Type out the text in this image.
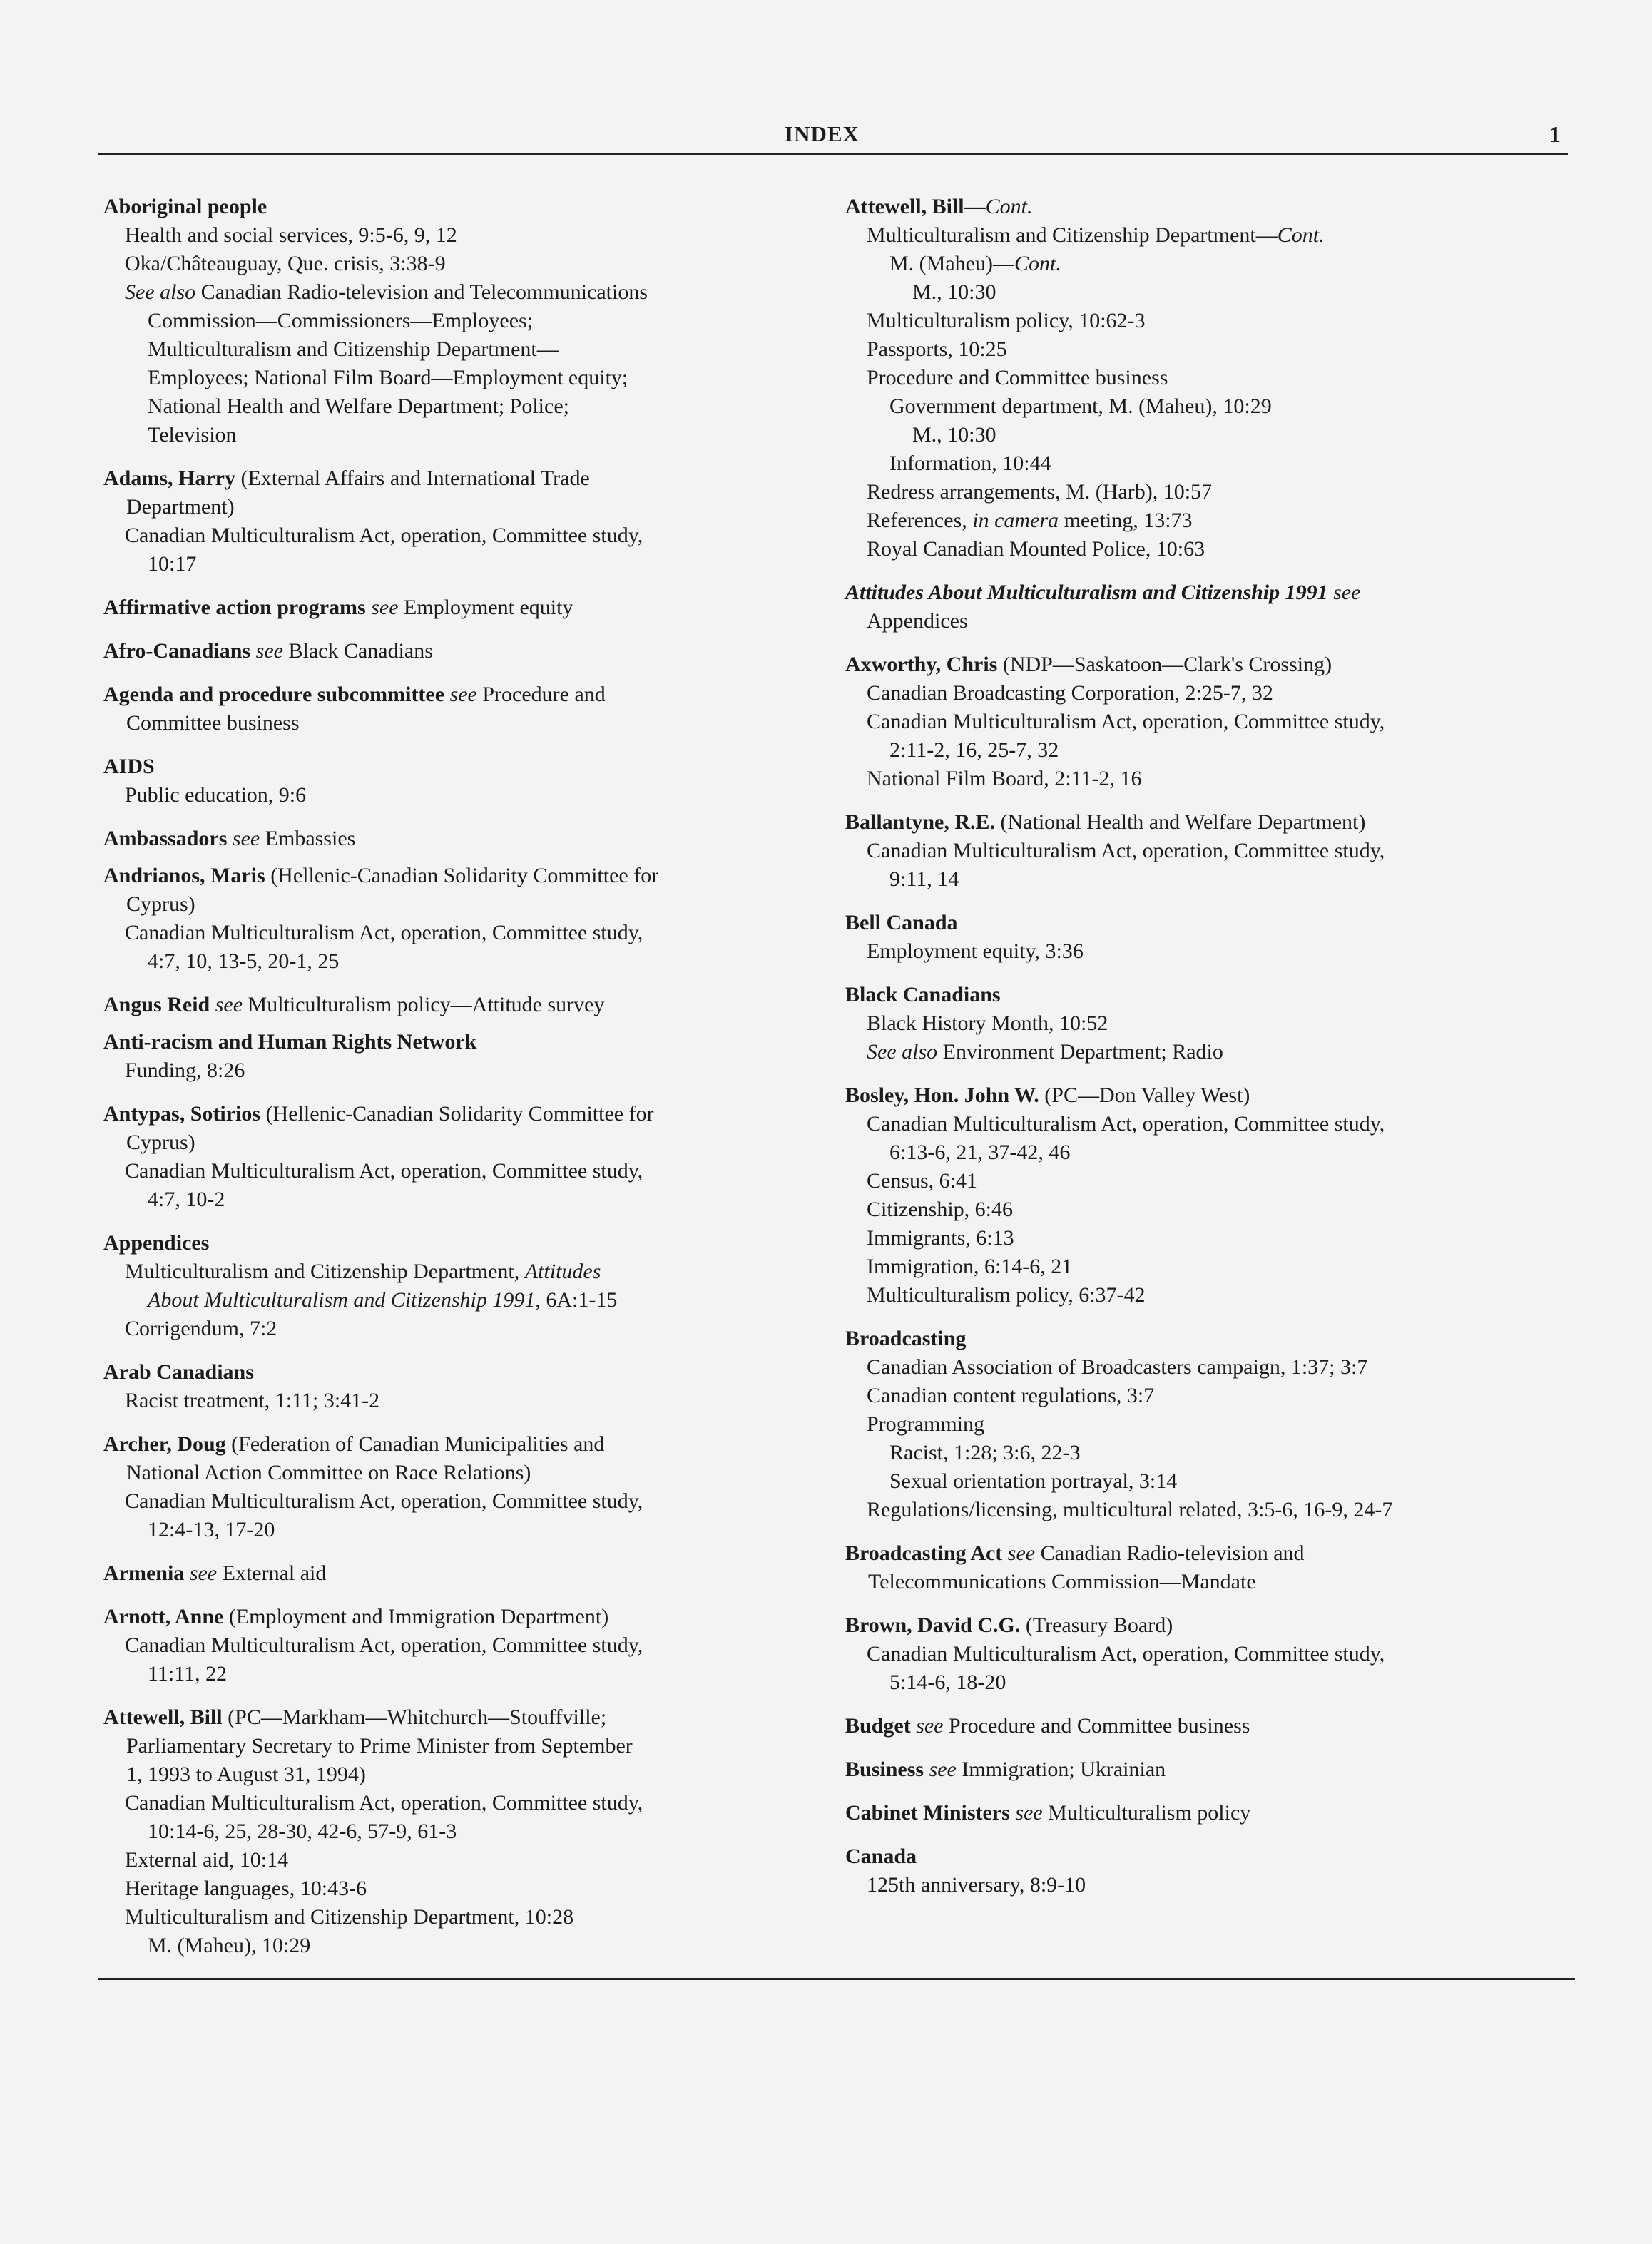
INDEX	1
Aboriginal people
Health and social services, 9:5-6, 9, 12
Oka/Châteauguay, Que. crisis, 3:38-9
See also Canadian Radio-television and Telecommunications
Commission—Commissioners—Employees;
Multiculturalism and Citizenship Department—
Employees; National Film Board—Employment equity;
National Health and Welfare Department; Police;
Television
Adams, Harry (External Affairs and International Trade
Department)
Canadian Multiculturalism Act, operation, Committee study,
10:17
Affirmative action programs see Employment equity
Afro-Canadians see Black Canadians
Agenda and procedure subcommittee see Procedure and
Committee business
AIDS
Public education, 9:6
Ambassadors see Embassies
Andrianos, Maris (Hellenic-Canadian Solidarity Committee for
Cyprus)
Canadian Multiculturalism Act, operation, Committee study,
4:7, 10, 13-5, 20-1, 25
Angus Reid see Multiculturalism policy—Attitude survey
Anti-racism and Human Rights Network
Funding, 8:26
Antypas, Sotirios (Hellenic-Canadian Solidarity Committee for
Cyprus)
Canadian Multiculturalism Act, operation, Committee study,
4:7, 10-2
Appendices
Multiculturalism and Citizenship Department, Attitudes
About Multiculturalism and Citizenship 1991, 6A:1-15
Corrigendum, 7:2
Arab Canadians
Racist treatment, 1:11; 3:41-2
Archer, Doug (Federation of Canadian Municipalities and
National Action Committee on Race Relations)
Canadian Multiculturalism Act, operation, Committee study,
12:4-13, 17-20
Armenia see External aid
Arnott, Anne (Employment and Immigration Department)
Canadian Multiculturalism Act, operation, Committee study,
11:11, 22
Attewell, Bill (PC—Markham—Whitchurch—Stouffville;
Parliamentary Secretary to Prime Minister from September
1, 1993 to August 31, 1994)
Canadian Multiculturalism Act, operation, Committee study,
10:14-6, 25, 28-30, 42-6, 57-9, 61-3
External aid, 10:14
Heritage languages, 10:43-6
Multiculturalism and Citizenship Department, 10:28
M. (Maheu), 10:29
Attewell, Bill—Cont.
Multiculturalism and Citizenship Department—Cont.
M. (Maheu)—Cont.
M., 10:30
Multiculturalism policy, 10:62-3
Passports, 10:25
Procedure and Committee business
Government department, M. (Maheu), 10:29
M., 10:30
Information, 10:44
Redress arrangements, M. (Harb), 10:57
References, in camera meeting, 13:73
Royal Canadian Mounted Police, 10:63
Attitudes About Multiculturalism and Citizenship 1991 see
Appendices
Axworthy, Chris (NDP—Saskatoon—Clark's Crossing)
Canadian Broadcasting Corporation, 2:25-7, 32
Canadian Multiculturalism Act, operation, Committee study,
2:11-2, 16, 25-7, 32
National Film Board, 2:11-2, 16
Ballantyne, R.E. (National Health and Welfare Department)
Canadian Multiculturalism Act, operation, Committee study,
9:11, 14
Bell Canada
Employment equity, 3:36
Black Canadians
Black History Month, 10:52
See also Environment Department; Radio
Bosley, Hon. John W. (PC—Don Valley West)
Canadian Multiculturalism Act, operation, Committee study,
6:13-6, 21, 37-42, 46
Census, 6:41
Citizenship, 6:46
Immigrants, 6:13
Immigration, 6:14-6, 21
Multiculturalism policy, 6:37-42
Broadcasting
Canadian Association of Broadcasters campaign, 1:37; 3:7
Canadian content regulations, 3:7
Programming
Racist, 1:28; 3:6, 22-3
Sexual orientation portrayal, 3:14
Regulations/licensing, multicultural related, 3:5-6, 16-9, 24-7
Broadcasting Act see Canadian Radio-television and
Telecommunications Commission—Mandate
Brown, David C.G. (Treasury Board)
Canadian Multiculturalism Act, operation, Committee study,
5:14-6, 18-20
Budget see Procedure and Committee business
Business see Immigration; Ukrainian
Cabinet Ministers see Multiculturalism policy
Canada
125th anniversary, 8:9-10
